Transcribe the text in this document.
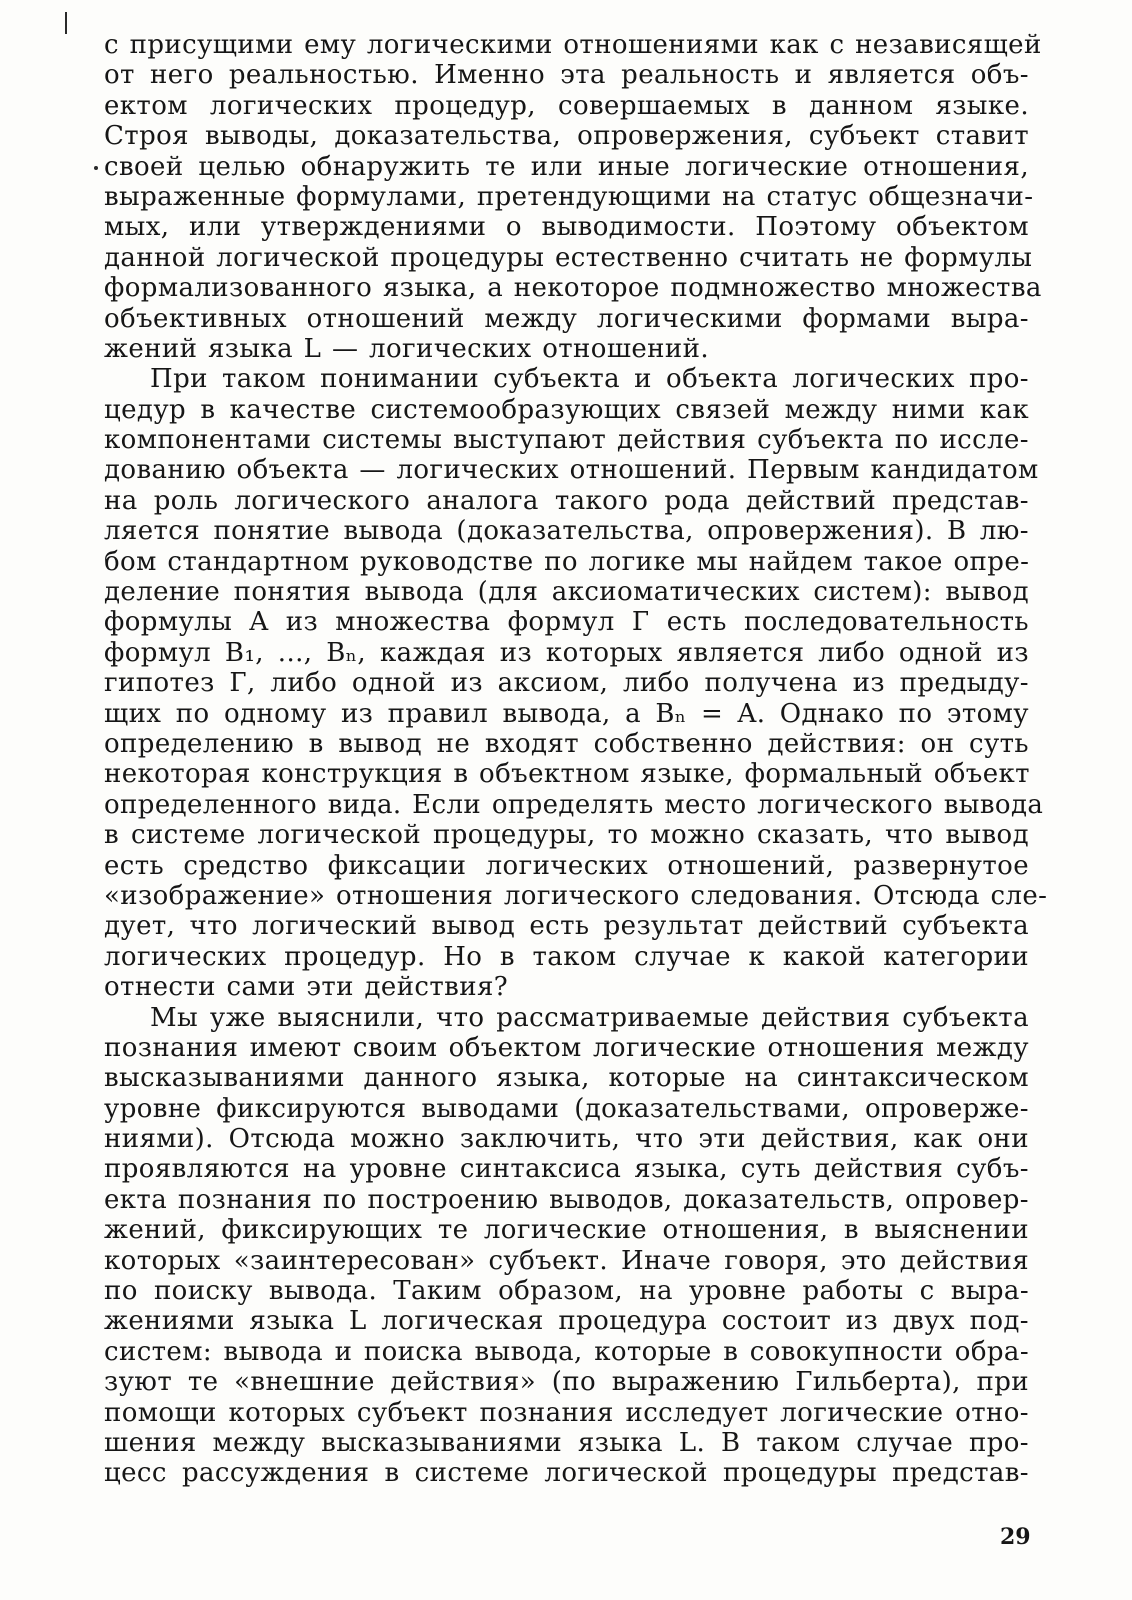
с присущими ему логическими отношениями как с независящей
от него реальностью. Именно эта реальность и является объ-
ектом логических процедур, совершаемых в данном языке.
Строя выводы, доказательства, опровержения, субъект ставит
своей целью обнаружить те или иные логические отношения,
выраженные формулами, претендующими на статус общезначи-
мых, или утверждениями о выводимости. Поэтому объектом
данной логической процедуры естественно считать не формулы
формализованного языка, а некоторое подмножество множества
объективных отношений между логическими формами выра-
жений языка L — логических отношений.
При таком понимании субъекта и объекта логических про-
цедур в качестве системообразующих связей между ними как
компонентами системы выступают действия субъекта по иссле-
дованию объекта — логических отношений. Первым кандидатом
на роль логического аналога такого рода действий представ-
ляется понятие вывода (доказательства, опровержения). В лю-
бом стандартном руководстве по логике мы найдем такое опре-
деление понятия вывода (для аксиоматических систем): вывод
формулы A из множества формул Г есть последовательность
формул B₁, ..., Bₙ, каждая из которых является либо одной из
гипотез Г, либо одной из аксиом, либо получена из предыду-
щих по одному из правил вывода, а Bₙ = A. Однако по этому
определению в вывод не входят собственно действия: он суть
некоторая конструкция в объектном языке, формальный объект
определенного вида. Если определять место логического вывода
в системе логической процедуры, то можно сказать, что вывод
есть средство фиксации логических отношений, развернутое
«изображение» отношения логического следования. Отсюда сле-
дует, что логический вывод есть результат действий субъекта
логических процедур. Но в таком случае к какой категории
отнести сами эти действия?
Мы уже выяснили, что рассматриваемые действия субъекта
познания имеют своим объектом логические отношения между
высказываниями данного языка, которые на синтаксическом
уровне фиксируются выводами (доказательствами, опроверже-
ниями). Отсюда можно заключить, что эти действия, как они
проявляются на уровне синтаксиса языка, суть действия субъ-
екта познания по построению выводов, доказательств, опровер-
жений, фиксирующих те логические отношения, в выяснении
которых «заинтересован» субъект. Иначе говоря, это действия
по поиску вывода. Таким образом, на уровне работы с выра-
жениями языка L логическая процедура состоит из двух под-
систем: вывода и поиска вывода, которые в совокупности обра-
зуют те «внешние действия» (по выражению Гильберта), при
помощи которых субъект познания исследует логические отно-
шения между высказываниями языка L. В таком случае про-
цесс рассуждения в системе логической процедуры представ-
29
